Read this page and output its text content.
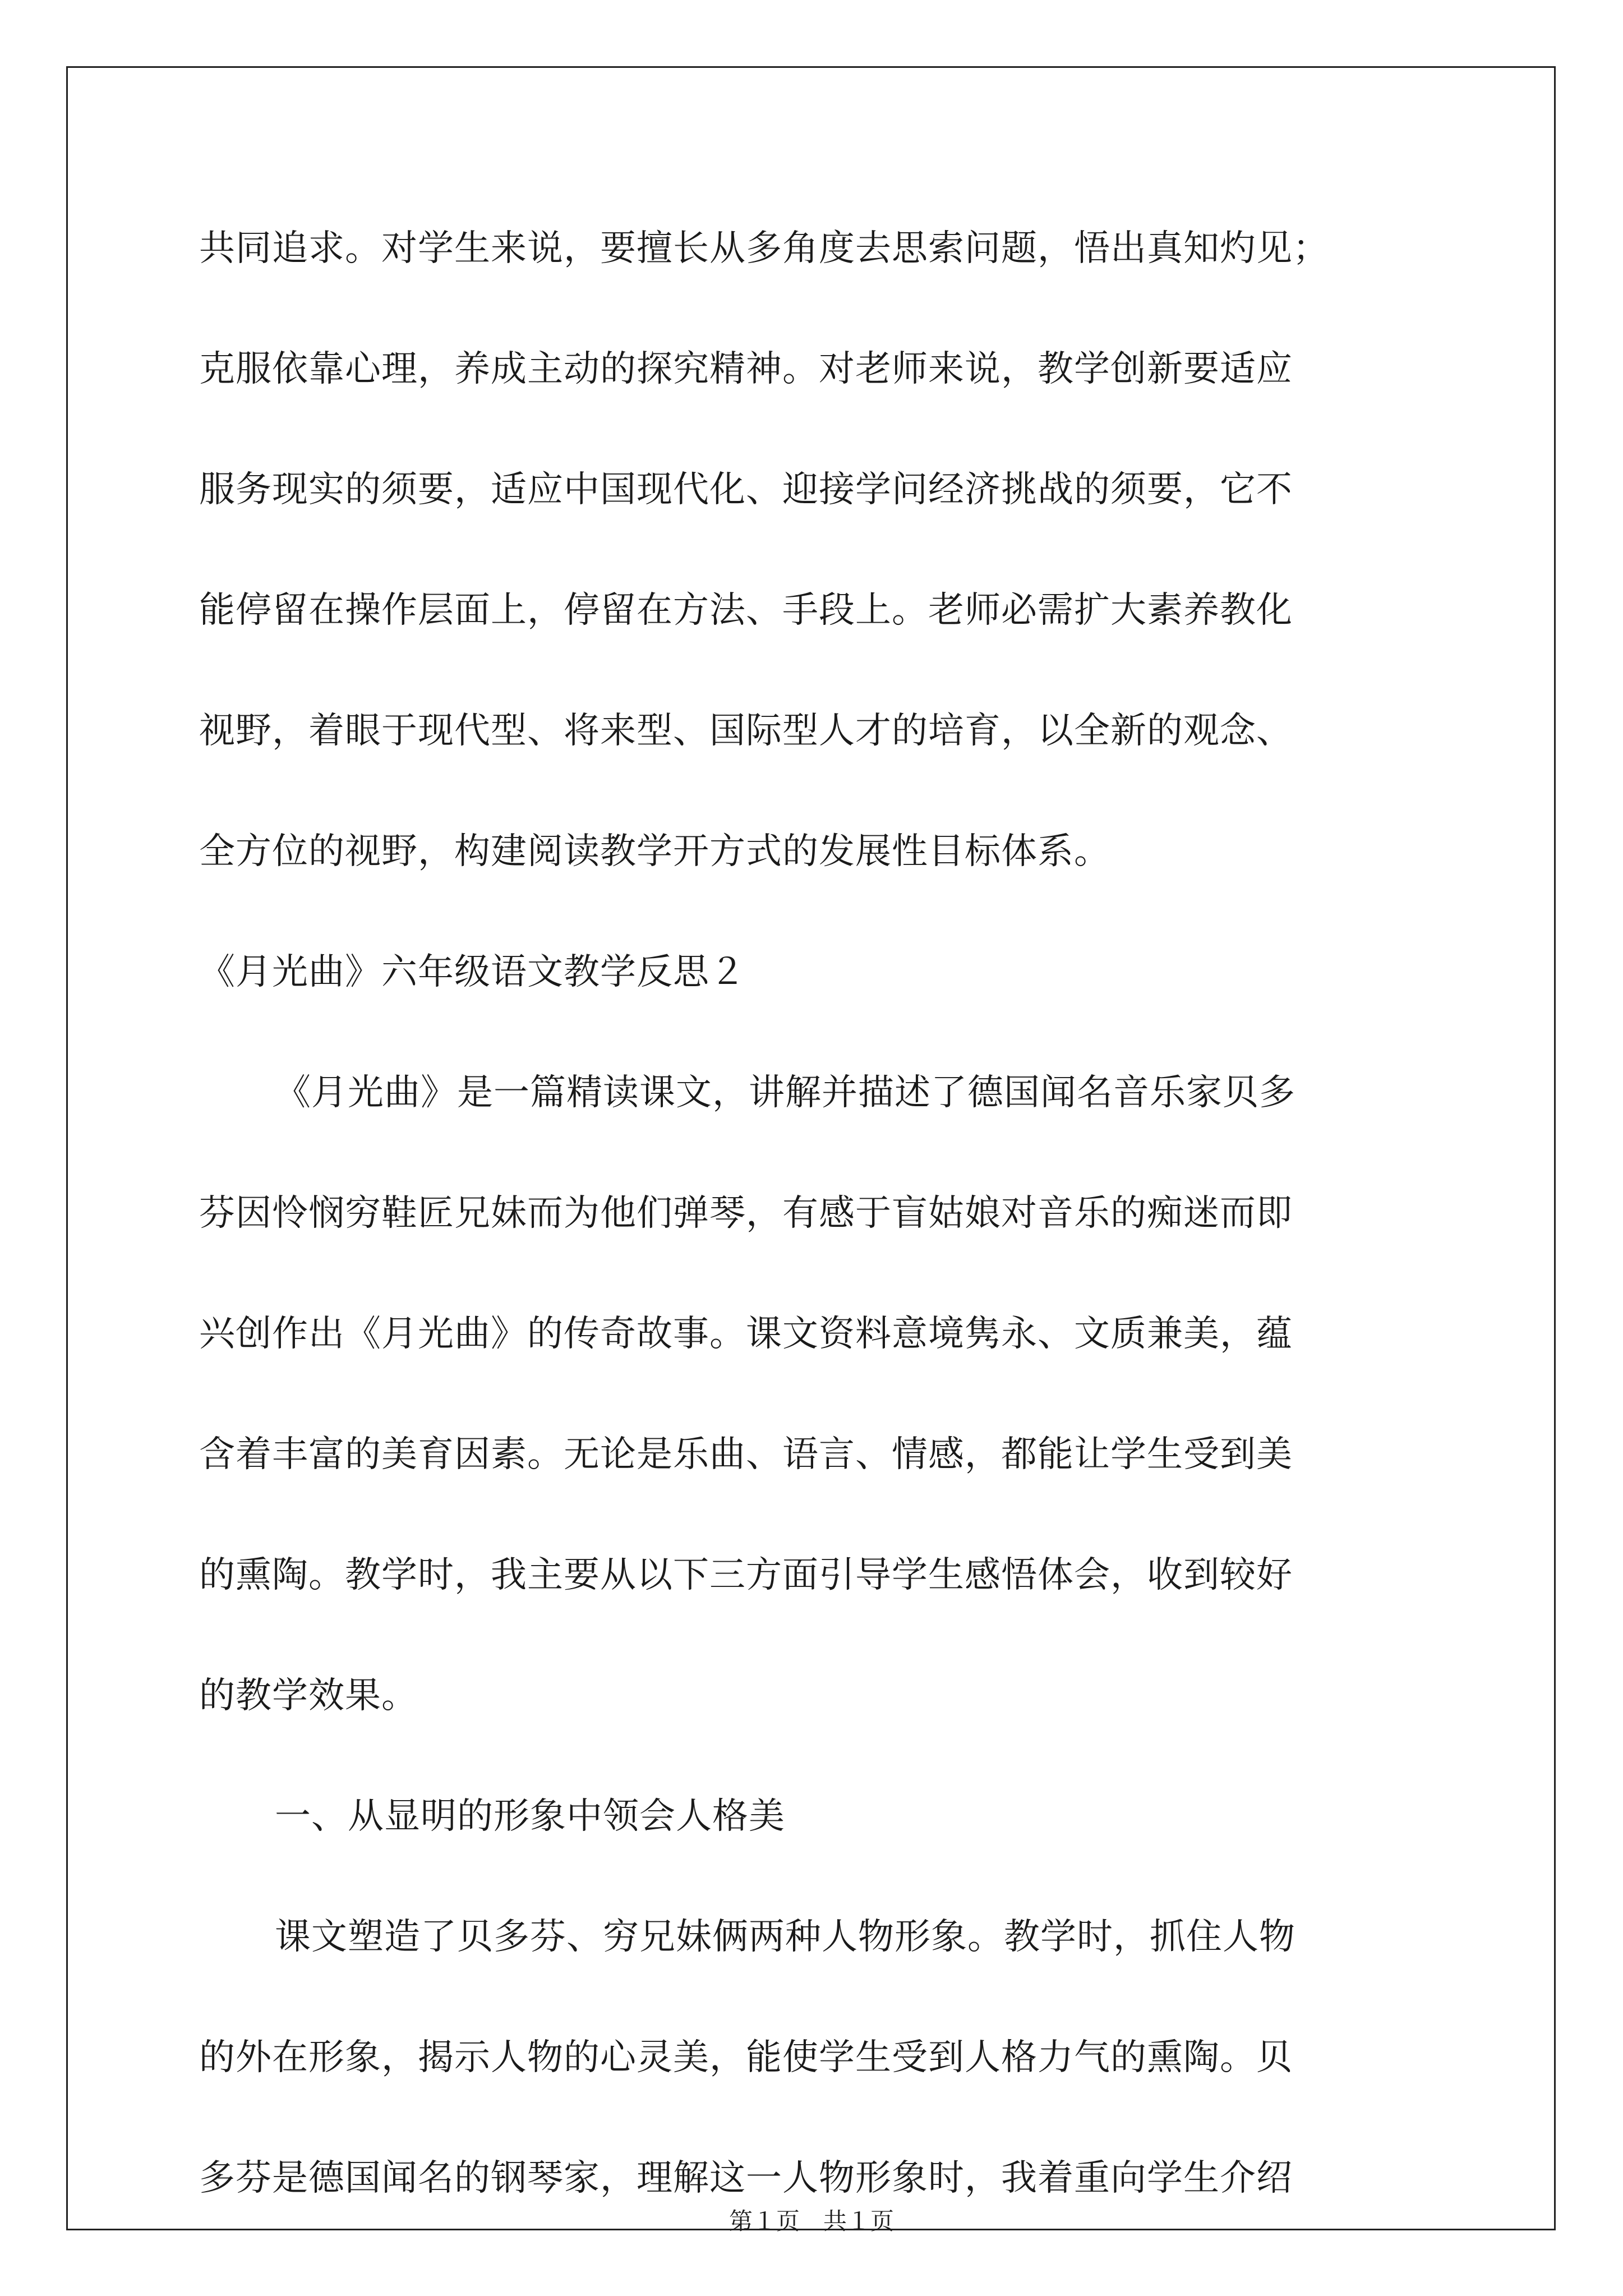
共同追求。对学生来说，要擅长从多角度去思索问题，悟出真知灼见；
克服依靠心理，养成主动的探究精神。对老师来说，教学创新要适应
服务现实的须要，适应中国现代化、迎接学问经济挑战的须要，它不
能停留在操作层面上，停留在方法、手段上。老师必需扩大素养教化
视野，着眼于现代型、将来型、国际型人才的培育，以全新的观念、
全方位的视野，构建阅读教学开方式的发展性目标体系。
《月光曲》六年级语文教学反思２
《月光曲》是一篇精读课文，讲解并描述了德国闻名音乐家贝多
芬因怜悯穷鞋匠兄妹而为他们弹琴，有感于盲姑娘对音乐的痴迷而即
兴创作出《月光曲》的传奇故事。课文资料意境隽永、文质兼美，蕴
含着丰富的美育因素。无论是乐曲、语言、情感，都能让学生受到美
的熏陶。教学时，我主要从以下三方面引导学生感悟体会，收到较好
的教学效果。
一、从显明的形象中领会人格美
课文塑造了贝多芬、穷兄妹俩两种人物形象。教学时，抓住人物
的外在形象，揭示人物的心灵美，能使学生受到人格力气的熏陶。贝
多芬是德国闻名的钢琴家，理解这一人物形象时，我着重向学生介绍
第１页　共１页
